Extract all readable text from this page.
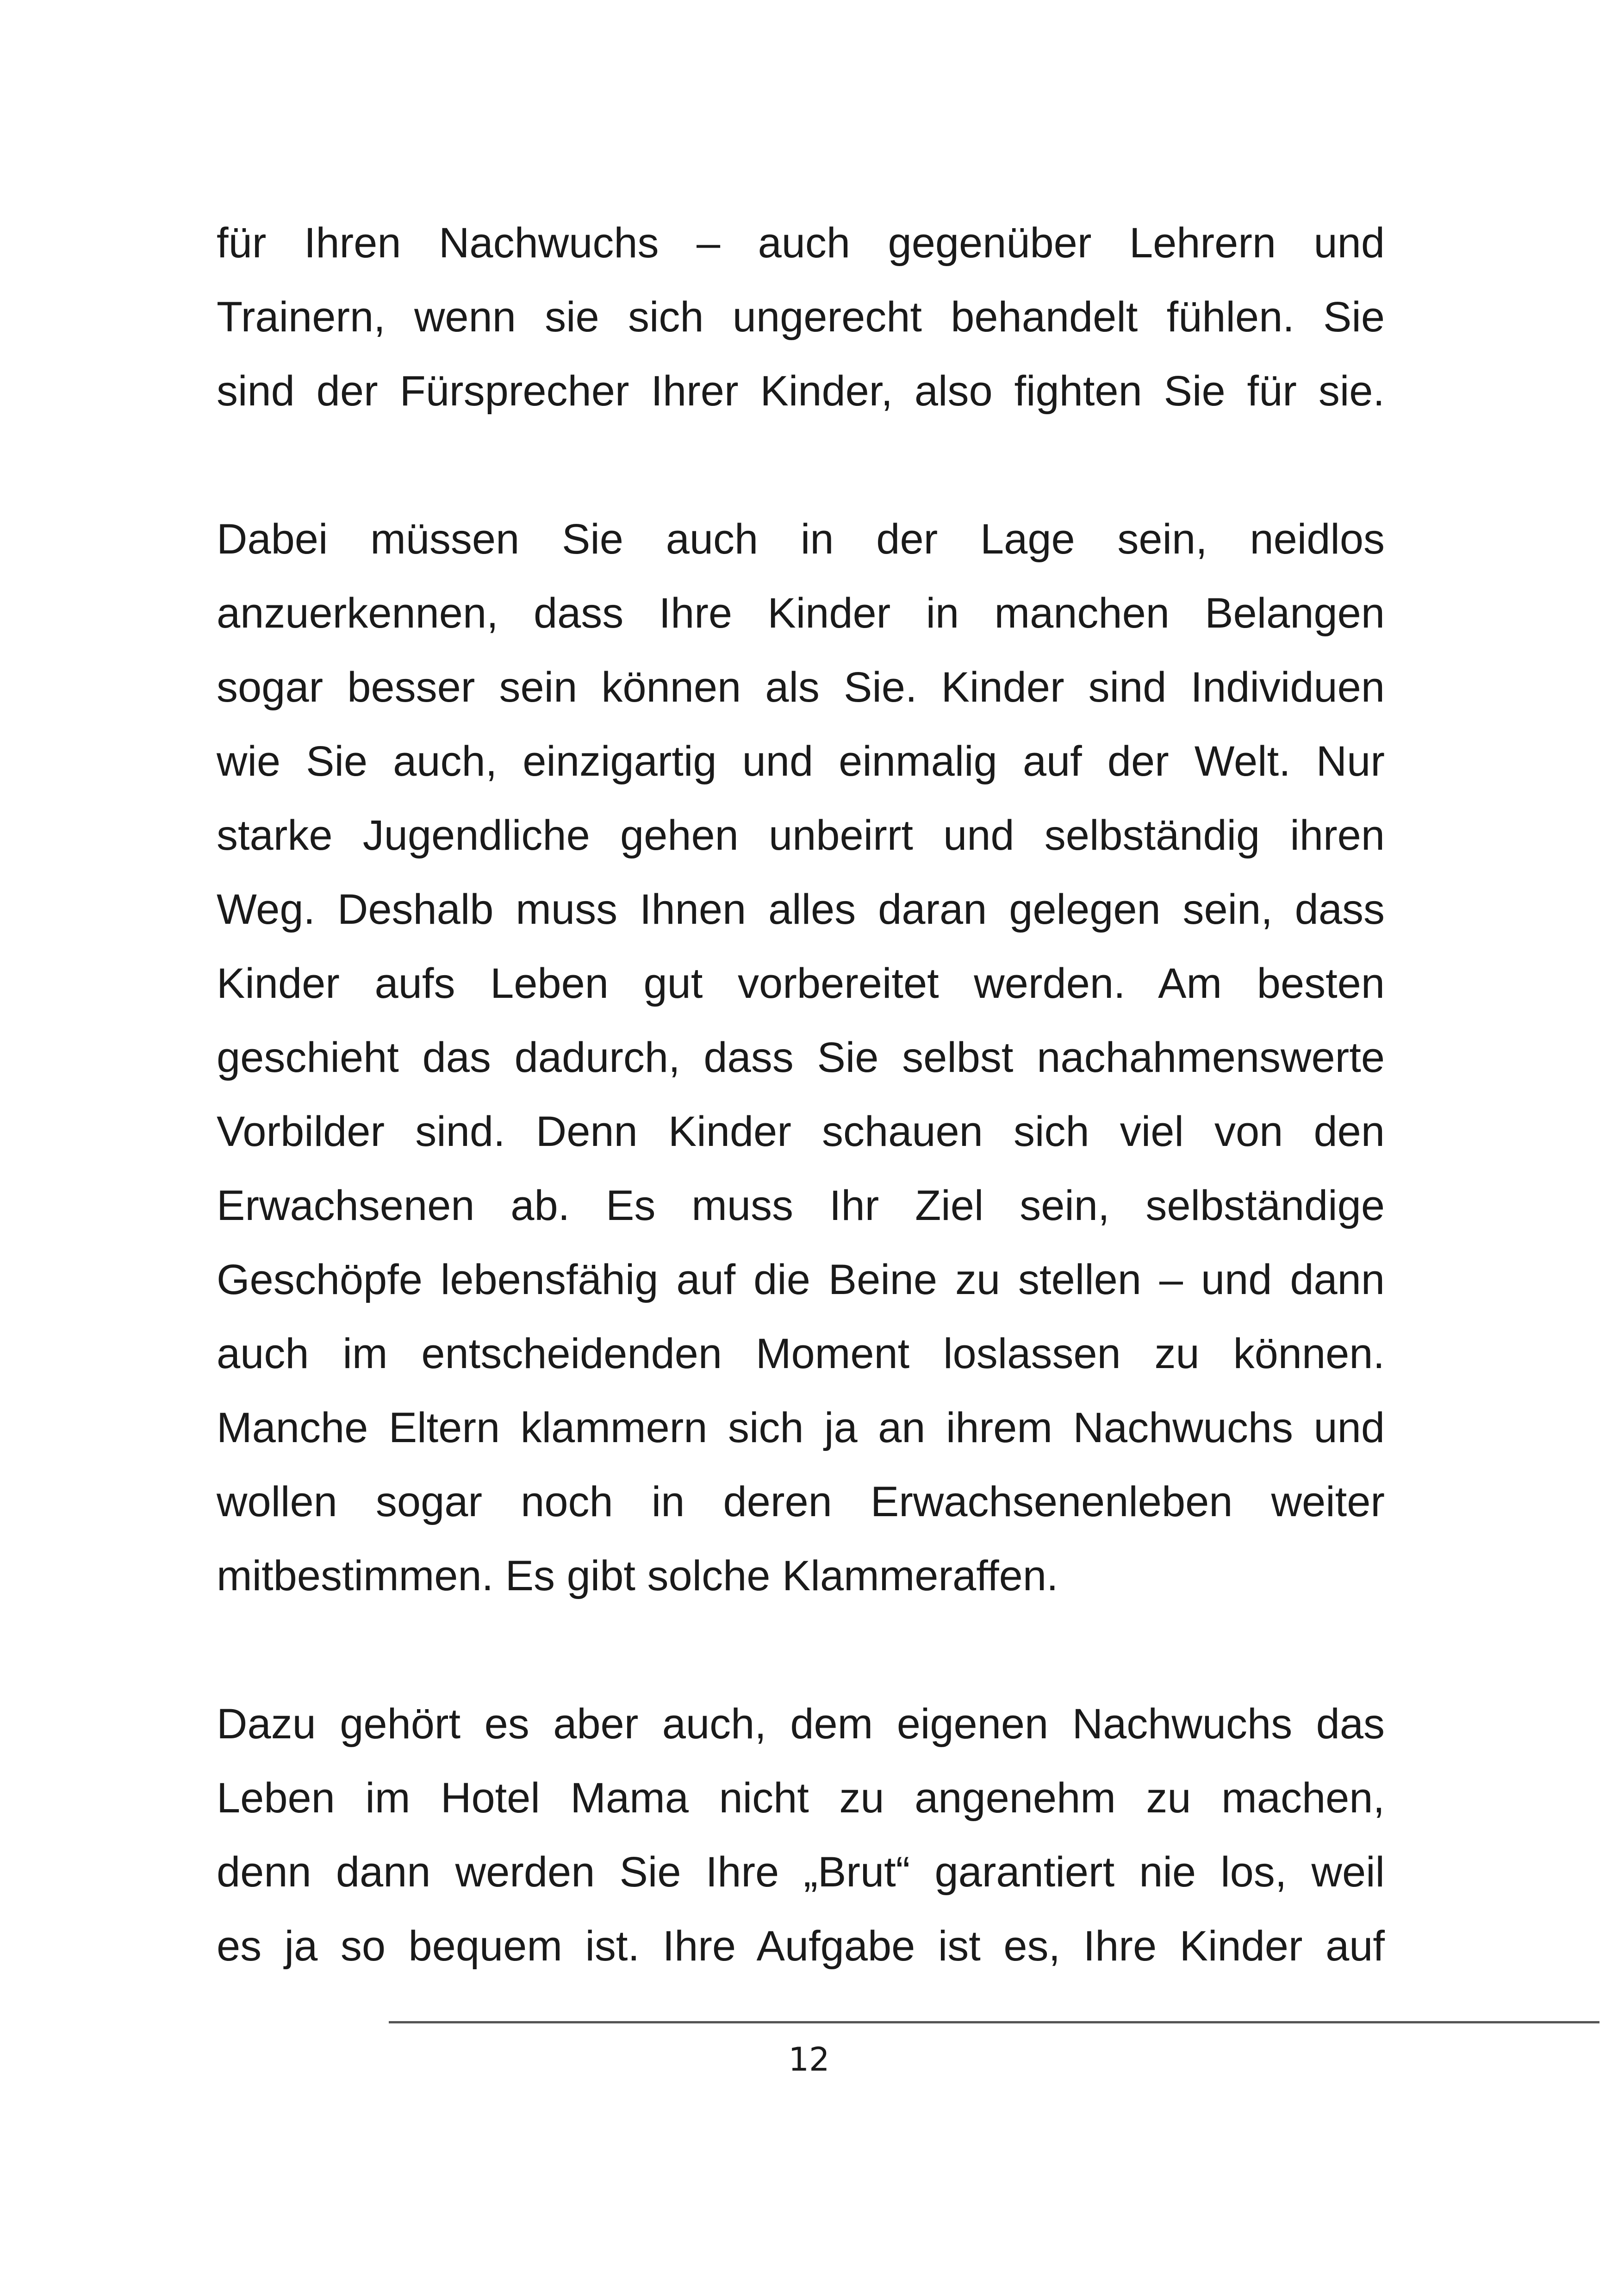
für Ihren Nachwuchs – auch gegenüber Lehrern und
Trainern, wenn sie sich ungerecht behandelt fühlen. Sie
sind der Fürsprecher Ihrer Kinder, also fighten Sie für sie.
Dabei müssen Sie auch in der Lage sein, neidlos
anzuerkennen, dass Ihre Kinder in manchen Belangen
sogar besser sein können als Sie. Kinder sind Individuen
wie Sie auch, einzigartig und einmalig auf der Welt. Nur
starke Jugendliche gehen unbeirrt und selbständig ihren
Weg. Deshalb muss Ihnen alles daran gelegen sein, dass
Kinder aufs Leben gut vorbereitet werden. Am besten
geschieht das dadurch, dass Sie selbst nachahmenswerte
Vorbilder sind. Denn Kinder schauen sich viel von den
Erwachsenen ab. Es muss Ihr Ziel sein, selbständige
Geschöpfe lebensfähig auf die Beine zu stellen – und dann
auch im entscheidenden Moment loslassen zu können.
Manche Eltern klammern sich ja an ihrem Nachwuchs und
wollen sogar noch in deren Erwachsenenleben weiter
mitbestimmen. Es gibt solche Klammeraffen.
Dazu gehört es aber auch, dem eigenen Nachwuchs das
Leben im Hotel Mama nicht zu angenehm zu machen,
denn dann werden Sie Ihre „Brut“ garantiert nie los, weil
es ja so bequem ist. Ihre Aufgabe ist es, Ihre Kinder auf
12
